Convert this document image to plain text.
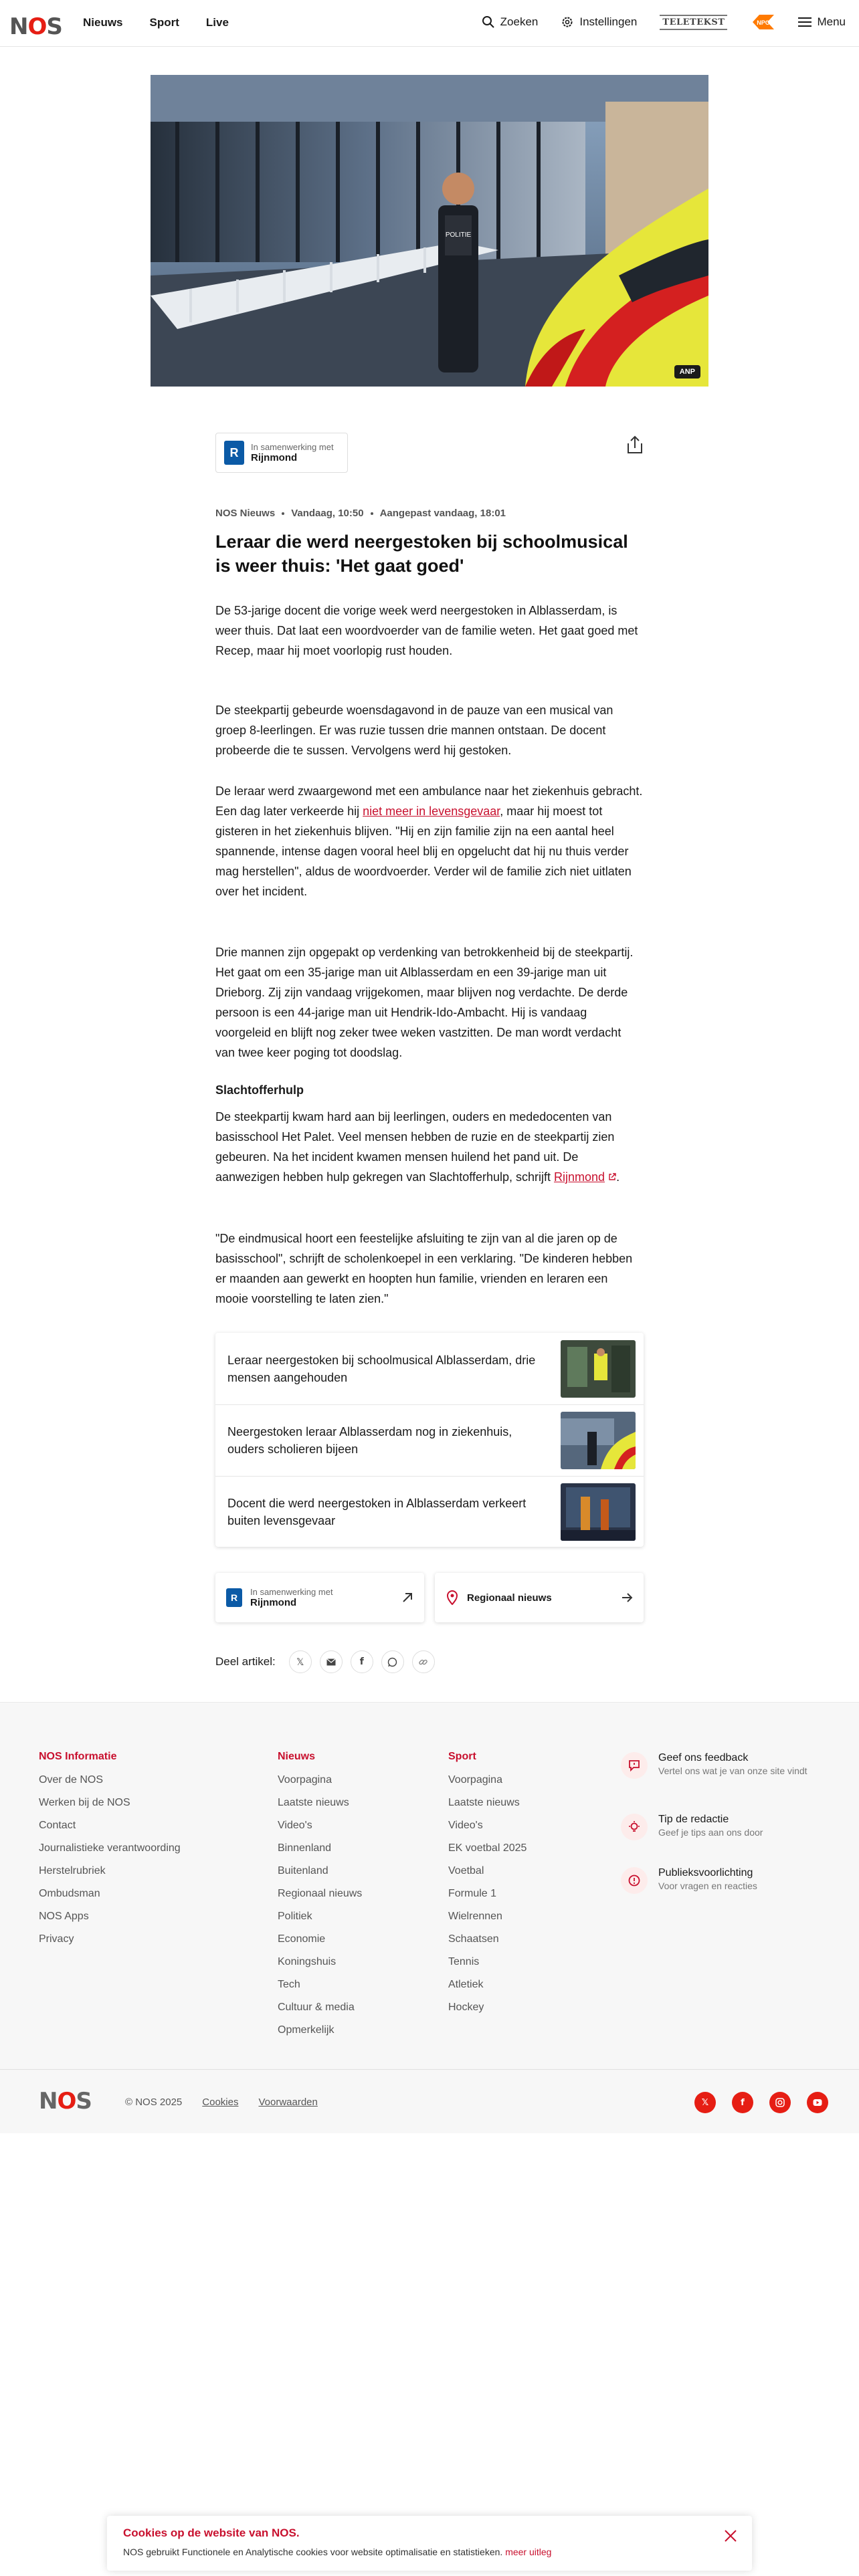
NOS Nieuws Sport Live	Zoeken	Instellingen	TELETEKST	NPO	Menu
POLITIE
ANP
R	In samenwerking met
Rijnmond
NOS Nieuws Vandaag, 10:50 Aangepast vandaag, 18:01
Leraar die werd neergestoken bij schoolmusical is weer thuis: 'Het gaat goed'

De 53-jarige docent die vorige week werd neergestoken in Alblasserdam, is weer thuis. Dat laat een woordvoerder van de familie weten. Het gaat goed met Recep, maar hij moet voorlopig rust houden.

De steekpartij gebeurde woensdagavond in de pauze van een musical van groep 8-leerlingen. Er was ruzie tussen drie mannen ontstaan. De docent probeerde die te sussen. Vervolgens werd hij gestoken.

De leraar werd zwaargewond met een ambulance naar het ziekenhuis gebracht. Een dag later verkeerde hij niet meer in levensgevaar, maar hij moest tot gisteren in het ziekenhuis blijven. "Hij en zijn familie zijn na een aantal heel spannende, intense dagen vooral heel blij en opgelucht dat hij nu thuis verder mag herstellen", aldus de woordvoerder. Verder wil de familie zich niet uitlaten over het incident.

Drie mannen zijn opgepakt op verdenking van betrokkenheid bij de steekpartij. Het gaat om een 35-jarige man uit Alblasserdam en een 39-jarige man uit Drieborg. Zij zijn vandaag vrijgekomen, maar blijven nog verdachte. De derde persoon is een 44-jarige man uit Hendrik-Ido-Ambacht. Hij is vandaag voorgeleid en blijft nog zeker twee weken vastzitten. De man wordt verdacht van twee keer poging tot doodslag.

Slachtofferhulp

De steekpartij kwam hard aan bij leerlingen, ouders en mededocenten van basisschool Het Palet. Veel mensen hebben de ruzie en de steekpartij zien gebeuren. Na het incident kwamen mensen huilend het pand uit. De aanwezigen hebben hulp gekregen van Slachtofferhulp, schrijft Rijnmond .

"De eindmusical hoort een feestelijke afsluiting te zijn van al die jaren op de basisschool", schrijft de scholenkoepel in een verklaring. "De kinderen hebben er maanden aan gewerkt en hoopten hun familie, vrienden en leraren een mooie voorstelling te laten zien."

Leraar neergestoken bij schoolmusical Alblasserdam, drie mensen aangehouden
Neergestoken leraar Alblasserdam nog in ziekenhuis, ouders scholieren bijeen
Docent die werd neergestoken in Alblasserdam verkeert buiten levensgevaar
R
In samenwerking met
Rijnmond	Regionaal nieuws
Deel artikel: 𝕏	f
NOS Informatie
Over de NOS
Werken bij de NOS
Contact
Journalistieke verantwoording
Herstelrubriek
Ombudsman
NOS Apps
Privacy
Nieuws
Voorpagina
Laatste nieuws
Video's
Binnenland
Buitenland
Regionaal nieuws
Politiek
Economie
Koningshuis
Tech
Cultuur & media
Opmerkelijk
Sport
Voorpagina
Laatste nieuws
Video's
EK voetbal 2025
Voetbal
Formule 1
Wielrennen
Schaatsen
Tennis
Atletiek
Hockey
Geef ons feedback
Vertel ons wat je van onze site vindt
Tip de redactie
Geef je tips aan ons door
Publieksvoorlichting
Voor vragen en reacties
NOS	© NOS 2025 Cookies Voorwaarden	𝕏	f
Cookies op de website van NOS.
NOS gebruikt Functionele en Analytische cookies voor website optimalisatie en statistieken. meer uitleg
